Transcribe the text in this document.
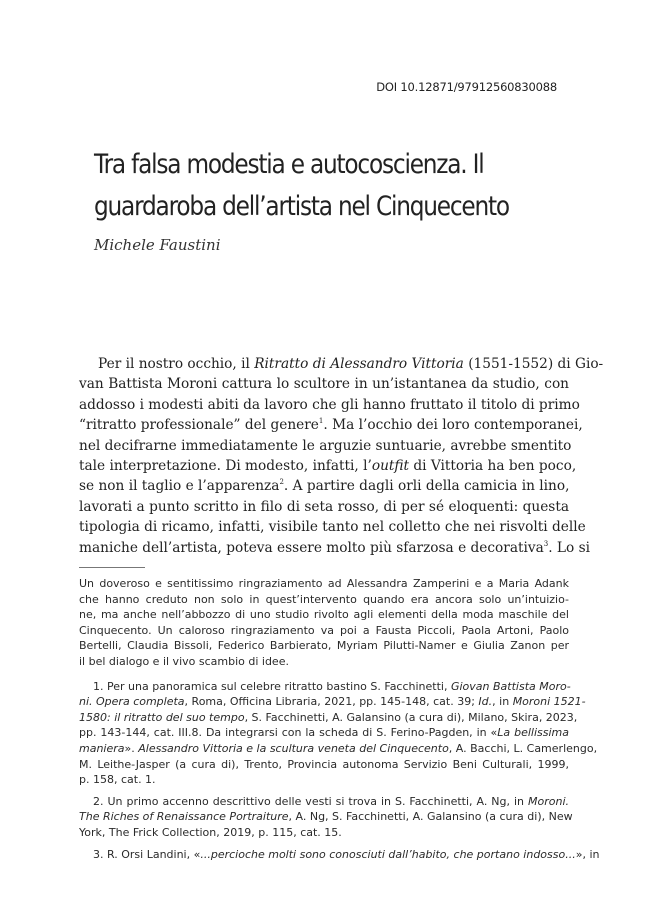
DOI 10.12871/97912560830088
Tra falsa modestia e autocoscienza. Il
guardaroba dell’artista nel Cinquecento
Michele Faustini
Per il nostro occhio, il Ritratto di Alessandro Vittoria (1551-1552) di Gio-
van Battista Moroni cattura lo scultore in un’istantanea da studio, con
addosso i modesti abiti da lavoro che gli hanno fruttato il titolo di primo
“ritratto professionale” del genere$^1$. Ma l’occhio dei loro contemporanei,
nel decifrarne immediatamente le arguzie suntuarie, avrebbe smentito
tale interpretazione. Di modesto, infatti, l’outfit di Vittoria ha ben poco,
se non il taglio e l’apparenza$^2$. A partire dagli orli della camicia in lino,
lavorati a punto scritto in filo di seta rosso, di per sé eloquenti: questa
tipologia di ricamo, infatti, visibile tanto nel colletto che nei risvolti delle
maniche dell’artista, poteva essere molto più sfarzosa e decorativa$^3$. Lo si
Un doveroso e sentitissimo ringraziamento ad Alessandra Zamperini e a Maria Adank
che hanno creduto non solo in quest’intervento quando era ancora solo un’intuizio-
ne, ma anche nell’abbozzo di uno studio rivolto agli elementi della moda maschile del
Cinquecento. Un caloroso ringraziamento va poi a Fausta Piccoli, Paola Artoni, Paolo
Bertelli, Claudia Bissoli, Federico Barbierato, Myriam Pilutti-Namer e Giulia Zanon per
il bel dialogo e il vivo scambio di idee.
1. Per una panoramica sul celebre ritratto bastino S. Facchinetti, Giovan Battista Moro-
ni. Opera completa, Roma, Officina Libraria, 2021, pp. 145-148, cat. 39; Id., in Moroni 1521-
1580: il ritratto del suo tempo, S. Facchinetti, A. Galansino (a cura di), Milano, Skira, 2023,
pp. 143-144, cat. III.8. Da integrarsi con la scheda di S. Ferino-Pagden, in «La bellissima
maniera». Alessandro Vittoria e la scultura veneta del Cinquecento, A. Bacchi, L. Camerlengo,
M. Leithe-Jasper (a cura di), Trento, Provincia autonoma Servizio Beni Culturali, 1999,
p. 158, cat. 1.
2. Un primo accenno descrittivo delle vesti si trova in S. Facchinetti, A. Ng, in Moroni.
The Riches of Renaissance Portraiture, A. Ng, S. Facchinetti, A. Galansino (a cura di), New
York, The Frick Collection, 2019, p. 115, cat. 15.
3. R. Orsi Landini, «...percioche molti sono conosciuti dall’habito, che portano indosso...», in
